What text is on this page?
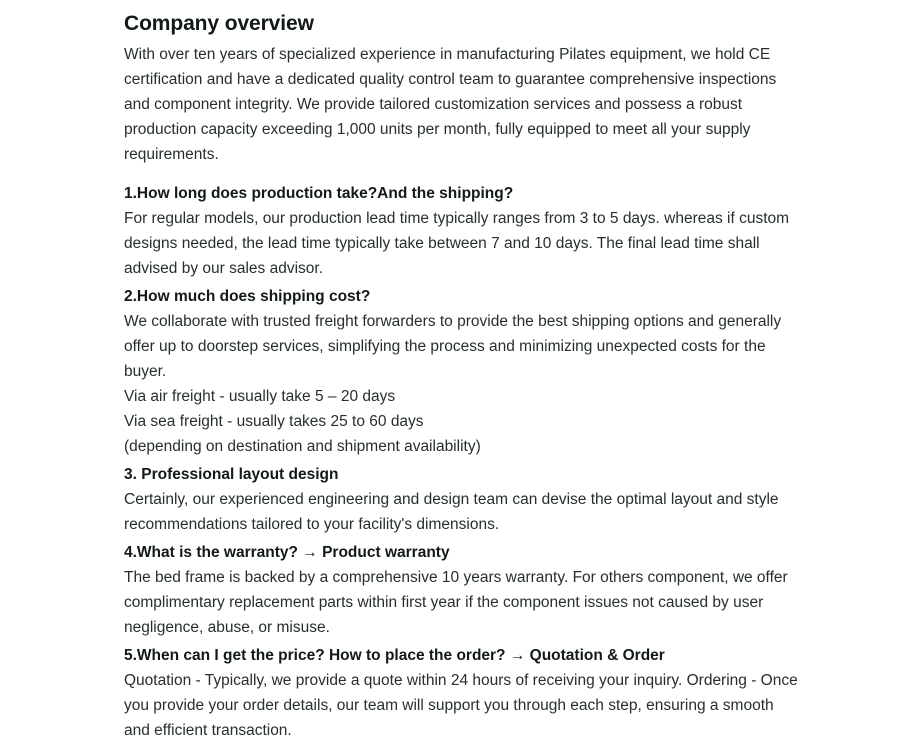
Company overview

With over ten years of specialized experience in manufacturing Pilates equipment, we hold CE certification and have a dedicated quality control team to guarantee comprehensive inspections and component integrity. We provide tailored customization services and possess a robust production capacity exceeding 1,000 units per month, fully equipped to meet all your supply requirements.

1.How long does production take?And the shipping?

For regular models, our production lead time typically ranges from 3 to 5 days. whereas if custom designs needed, the lead time typically take between 7 and 10 days. The final lead time shall advised by our sales advisor.

2.How much does shipping cost?

We collaborate with trusted freight forwarders to provide the best shipping options and generally offer up to doorstep services, simplifying the process and minimizing unexpected costs for the buyer.

Via air freight - usually take 5 – 20 days

Via sea freight - usually takes 25 to 60 days

(depending on destination and shipment availability)

3. Professional layout design

Certainly, our experienced engineering and design team can devise the optimal layout and style recommendations tailored to your facility's dimensions.

4.What is the warranty? → Product warranty

The bed frame is backed by a comprehensive 10 years warranty. For others component, we offer complimentary replacement parts within first year if the component issues not caused by user negligence, abuse, or misuse.

5.When can I get the price? How to place the order? → Quotation & Order

Quotation - Typically, we provide a quote within 24 hours of receiving your inquiry. Ordering - Once you provide your order details, our team will support you through each step, ensuring a smooth and efficient transaction.
